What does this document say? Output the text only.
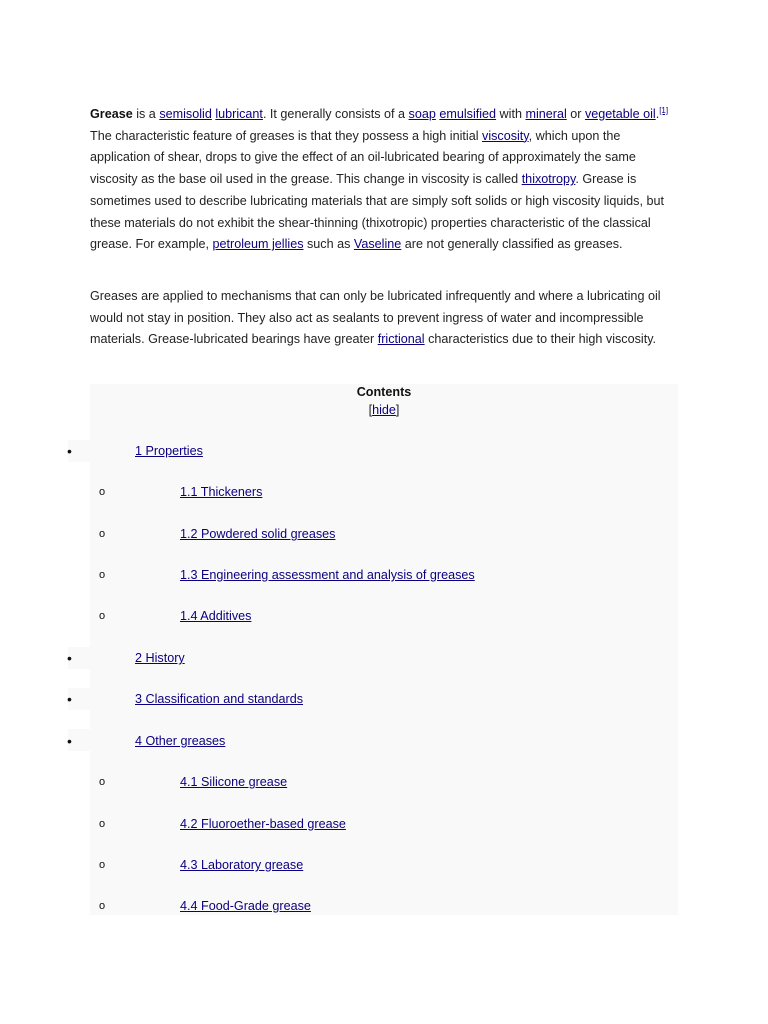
Grease is a semisolid lubricant. It generally consists of a soap emulsified with mineral or vegetable oil.[1] The characteristic feature of greases is that they possess a high initial viscosity, which upon the application of shear, drops to give the effect of an oil-lubricated bearing of approximately the same viscosity as the base oil used in the grease. This change in viscosity is called thixotropy. Grease is sometimes used to describe lubricating materials that are simply soft solids or high viscosity liquids, but these materials do not exhibit the shear-thinning (thixotropic) properties characteristic of the classical grease. For example, petroleum jellies such as Vaseline are not generally classified as greases.

Greases are applied to mechanisms that can only be lubricated infrequently and where a lubricating oil would not stay in position. They also act as sealants to prevent ingress of water and incompressible materials. Grease-lubricated bearings have greater frictional characteristics due to their high viscosity.

Contents
[hide]
•	1 Properties
o	1.1 Thickeners
o	1.2 Powdered solid greases
o	1.3 Engineering assessment and analysis of greases
o	1.4 Additives
•	2 History
•	3 Classification and standards
•	4 Other greases
o	4.1 Silicone grease
o	4.2 Fluoroether-based grease
o	4.3 Laboratory grease
o	4.4 Food-Grade grease
